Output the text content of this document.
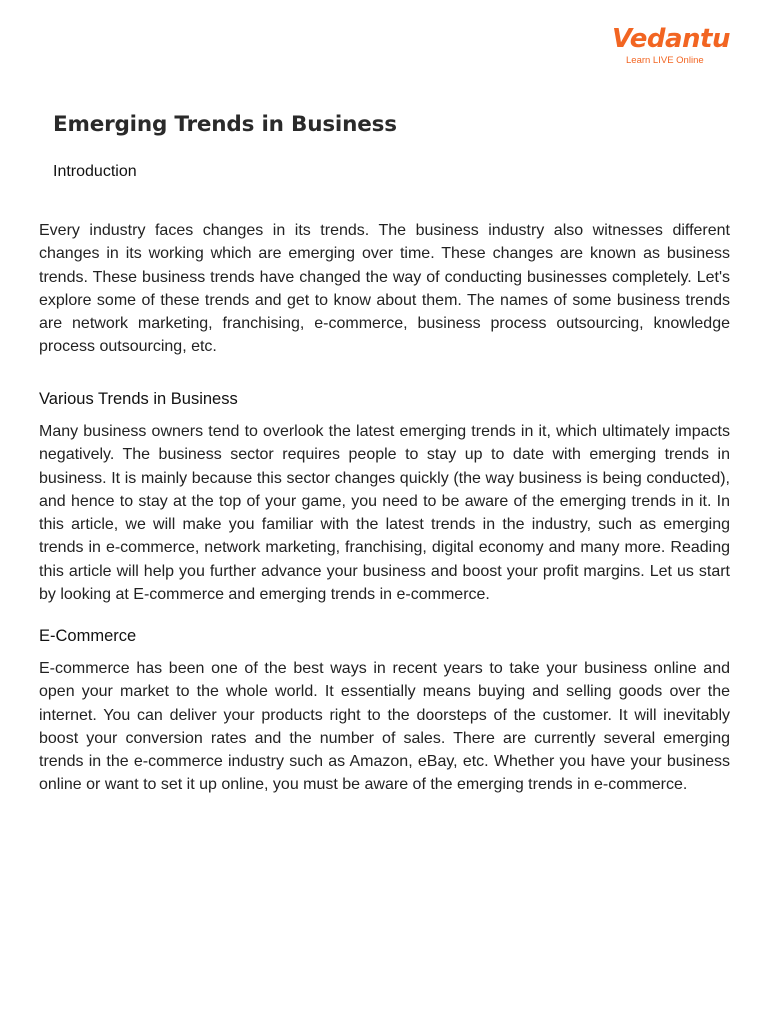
Vedantu
Learn LIVE Online
Emerging Trends in Business
Introduction

Every industry faces changes in its trends. The business industry also witnesses different changes in its working which are emerging over time. These changes are known as business trends. These business trends have changed the way of conducting businesses completely. Let's explore some of these trends and get to know about them. The names of some business trends are network marketing, franchising, e-commerce, business process outsourcing, knowledge process outsourcing, etc.

Various Trends in Business

Many business owners tend to overlook the latest emerging trends in it, which ultimately impacts negatively. The business sector requires people to stay up to date with emerging trends in business. It is mainly because this sector changes quickly (the way business is being conducted), and hence to stay at the top of your game, you need to be aware of the emerging trends in it. In this article, we will make you familiar with the latest trends in the industry, such as emerging trends in e-commerce, network marketing, franchising, digital economy and many more. Reading this article will help you further advance your business and boost your profit margins. Let us start by looking at E-commerce and emerging trends in e-commerce.

E-Commerce

E-commerce has been one of the best ways in recent years to take your business online and open your market to the whole world. It essentially means buying and selling goods over the internet. You can deliver your products right to the doorsteps of the customer. It will inevitably boost your conversion rates and the number of sales. There are currently several emerging trends in the e-commerce industry such as Amazon, eBay, etc. Whether you have your business online or want to set it up online, you must be aware of the emerging trends in e-commerce.
